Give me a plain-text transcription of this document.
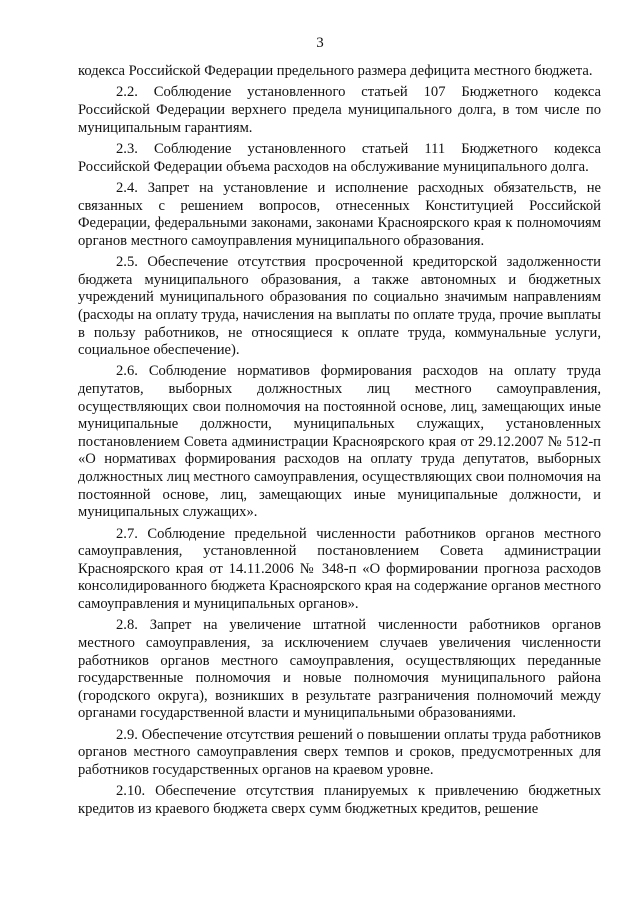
3

кодекса Российской Федерации предельного размера дефицита местного бюджета.

2.2. Соблюдение установленного статьей 107 Бюджетного кодекса Российской Федерации верхнего предела муниципального долга, в том числе по муниципальным гарантиям.

2.3. Соблюдение установленного статьей 111 Бюджетного кодекса Российской Федерации объема расходов на обслуживание муниципального долга.

2.4. Запрет на установление и исполнение расходных обязательств, не связанных с решением вопросов, отнесенных Конституцией Российской Федерации, федеральными законами, законами Красноярского края к полномочиям органов местного самоуправления муниципального образования.

2.5. Обеспечение отсутствия просроченной кредиторской задолженности бюджета муниципального образования, а также автономных и бюджетных учреждений муниципального образования по социально значимым направлениям (расходы на оплату труда, начисления на выплаты по оплате труда, прочие выплаты в пользу работников, не относящиеся к оплате труда, коммунальные услуги, социальное обеспечение).

2.6. Соблюдение нормативов формирования расходов на оплату труда депутатов, выборных должностных лиц местного самоуправления, осуществляющих свои полномочия на постоянной основе, лиц, замещающих иные муниципальные должности, муниципальных служащих, установленных постановлением Совета администрации Красноярского края от 29.12.2007 № 512-п «О нормативах формирования расходов на оплату труда депутатов, выборных должностных лиц местного самоуправления, осуществляющих свои полномочия на постоянной основе, лиц, замещающих иные муниципальные должности, и муниципальных служащих».

2.7. Соблюдение предельной численности работников органов местного самоуправления, установленной постановлением Совета администрации Красноярского края от 14.11.2006 № 348-п «О формировании прогноза расходов консолидированного бюджета Красноярского края на содержание органов местного самоуправления и муниципальных органов».

2.8. Запрет на увеличение штатной численности работников органов местного самоуправления, за исключением случаев увеличения численности работников органов местного самоуправления, осуществляющих переданные государственные полномочия и новые полномочия муниципального района (городского округа), возникших в результате разграничения полномочий между органами государственной власти и муниципальными образованиями.

2.9. Обеспечение отсутствия решений о повышении оплаты труда работников органов местного самоуправления сверх темпов и сроков, предусмотренных для работников государственных органов на краевом уровне.

2.10. Обеспечение отсутствия планируемых к привлечению бюджетных кредитов из краевого бюджета сверх сумм бюджетных кредитов, решение
